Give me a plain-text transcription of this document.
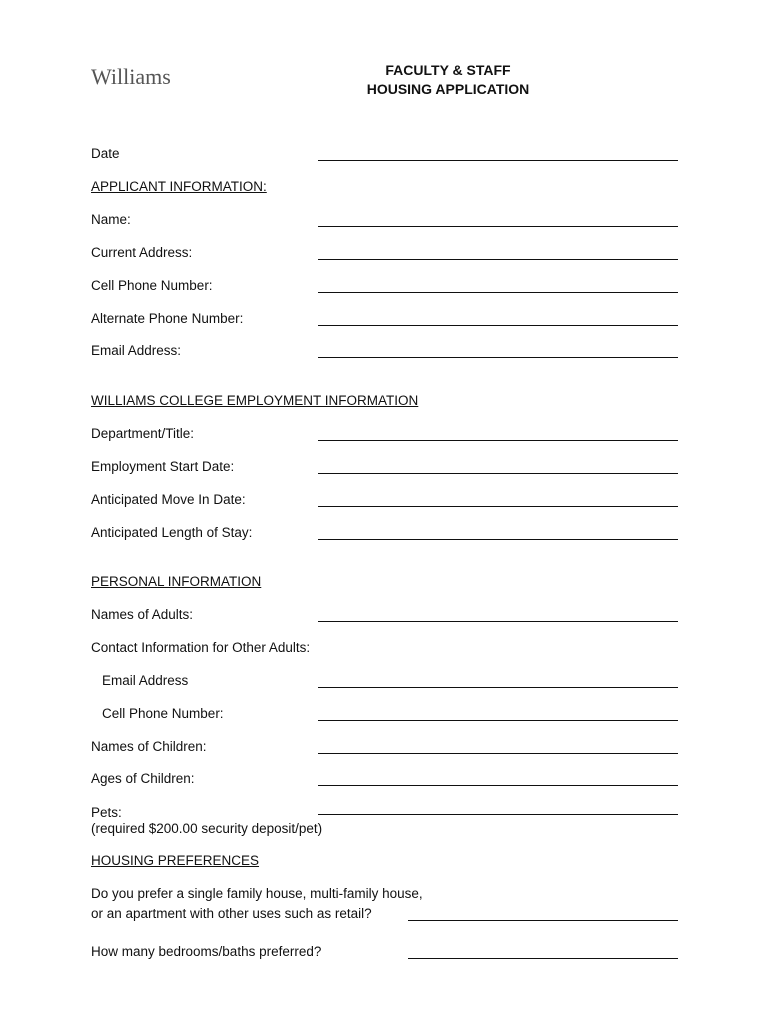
Williams	FACULTY & STAFF
HOUSING APPLICATION
Date
APPLICANT INFORMATION:
Name:
Current Address:
Cell Phone Number:
Alternate Phone Number:
Email Address:
WILLIAMS COLLEGE EMPLOYMENT INFORMATION
Department/Title:
Employment Start Date:
Anticipated Move In Date:
Anticipated Length of Stay:
PERSONAL INFORMATION
Names of Adults:
Contact Information for Other Adults:
Email Address
Cell Phone Number:
Names of Children:
Ages of Children:
Pets:
(required $200.00 security deposit/pet)
HOUSING PREFERENCES
Do you prefer a single family house, multi-family house,
or an apartment with other uses such as retail?
How many bedrooms/baths preferred?
